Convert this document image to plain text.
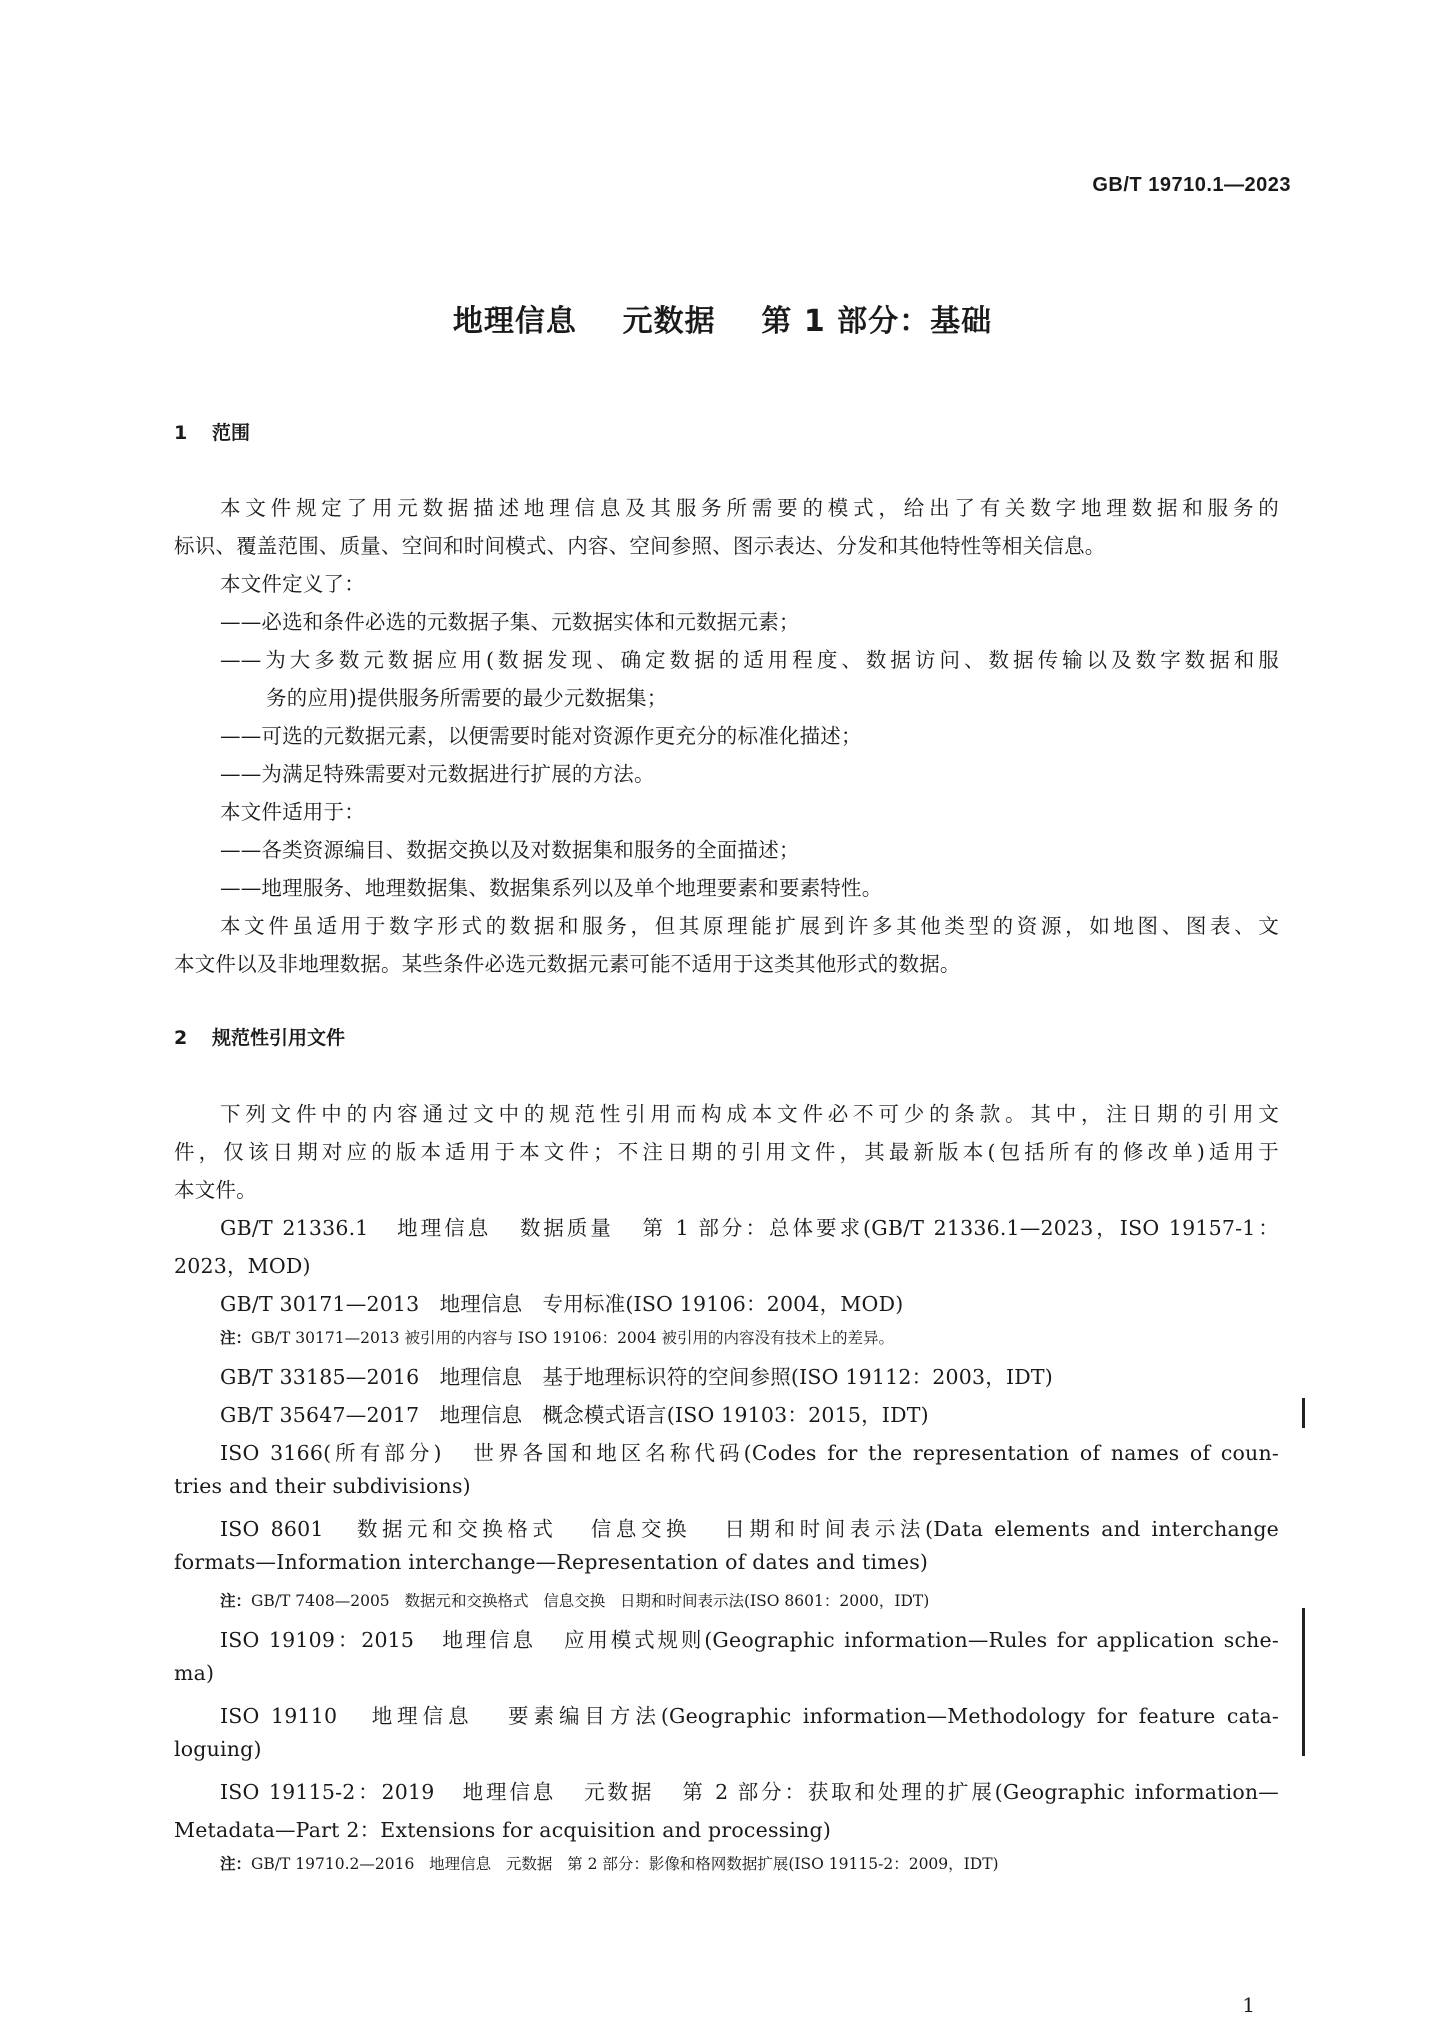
GB/T 19710.1—2023
地理信息    元数据    第 1 部分：基础
1 范围
本文件规定了用元数据描述地理信息及其服务所需要的模式，给出了有关数字地理数据和服务的
标识、覆盖范围、质量、空间和时间模式、内容、空间参照、图示表达、分发和其他特性等相关信息。
本文件定义了：
——必选和条件必选的元数据子集、元数据实体和元数据元素；
——为大多数元数据应用(数据发现、确定数据的适用程度、数据访问、数据传输以及数字数据和服
务的应用)提供服务所需要的最少元数据集；
——可选的元数据元素，以便需要时能对资源作更充分的标准化描述；
——为满足特殊需要对元数据进行扩展的方法。
本文件适用于：
——各类资源编目、数据交换以及对数据集和服务的全面描述；
——地理服务、地理数据集、数据集系列以及单个地理要素和要素特性。
本文件虽适用于数字形式的数据和服务，但其原理能扩展到许多其他类型的资源，如地图、图表、文
本文件以及非地理数据。某些条件必选元数据元素可能不适用于这类其他形式的数据。
2 规范性引用文件
下列文件中的内容通过文中的规范性引用而构成本文件必不可少的条款。其中，注日期的引用文
件，仅该日期对应的版本适用于本文件；不注日期的引用文件，其最新版本(包括所有的修改单)适用于
本文件。
GB/T 21336.1   地理信息   数据质量   第 1 部分：总体要求(GB/T 21336.1—2023，ISO 19157-1：
2023，MOD)
GB/T 30171—2013   地理信息   专用标准(ISO 19106：2004，MOD)
注：GB/T 30171—2013 被引用的内容与 ISO 19106：2004 被引用的内容没有技术上的差异。
GB/T 33185—2016   地理信息   基于地理标识符的空间参照(ISO 19112：2003，IDT)
GB/T 35647—2017   地理信息   概念模式语言(ISO 19103：2015，IDT)
ISO 3166(所有部分)   世界各国和地区名称代码(Codes for the representation of names of coun-
tries and their subdivisions)
ISO 8601   数据元和交换格式   信息交换   日期和时间表示法(Data elements and interchange
formats—Information interchange—Representation of dates and times)
注：GB/T 7408—2005   数据元和交换格式   信息交换   日期和时间表示法(ISO 8601：2000，IDT)
ISO 19109：2015   地理信息   应用模式规则(Geographic information—Rules for application sche-
ma)
ISO 19110   地理信息   要素编目方法(Geographic information—Methodology for feature cata-
loguing)
ISO 19115-2：2019   地理信息   元数据   第 2 部分：获取和处理的扩展(Geographic information—
Metadata—Part 2：Extensions for acquisition and processing)
注：GB/T 19710.2—2016   地理信息   元数据   第 2 部分：影像和格网数据扩展(ISO 19115-2：2009，IDT)
1
